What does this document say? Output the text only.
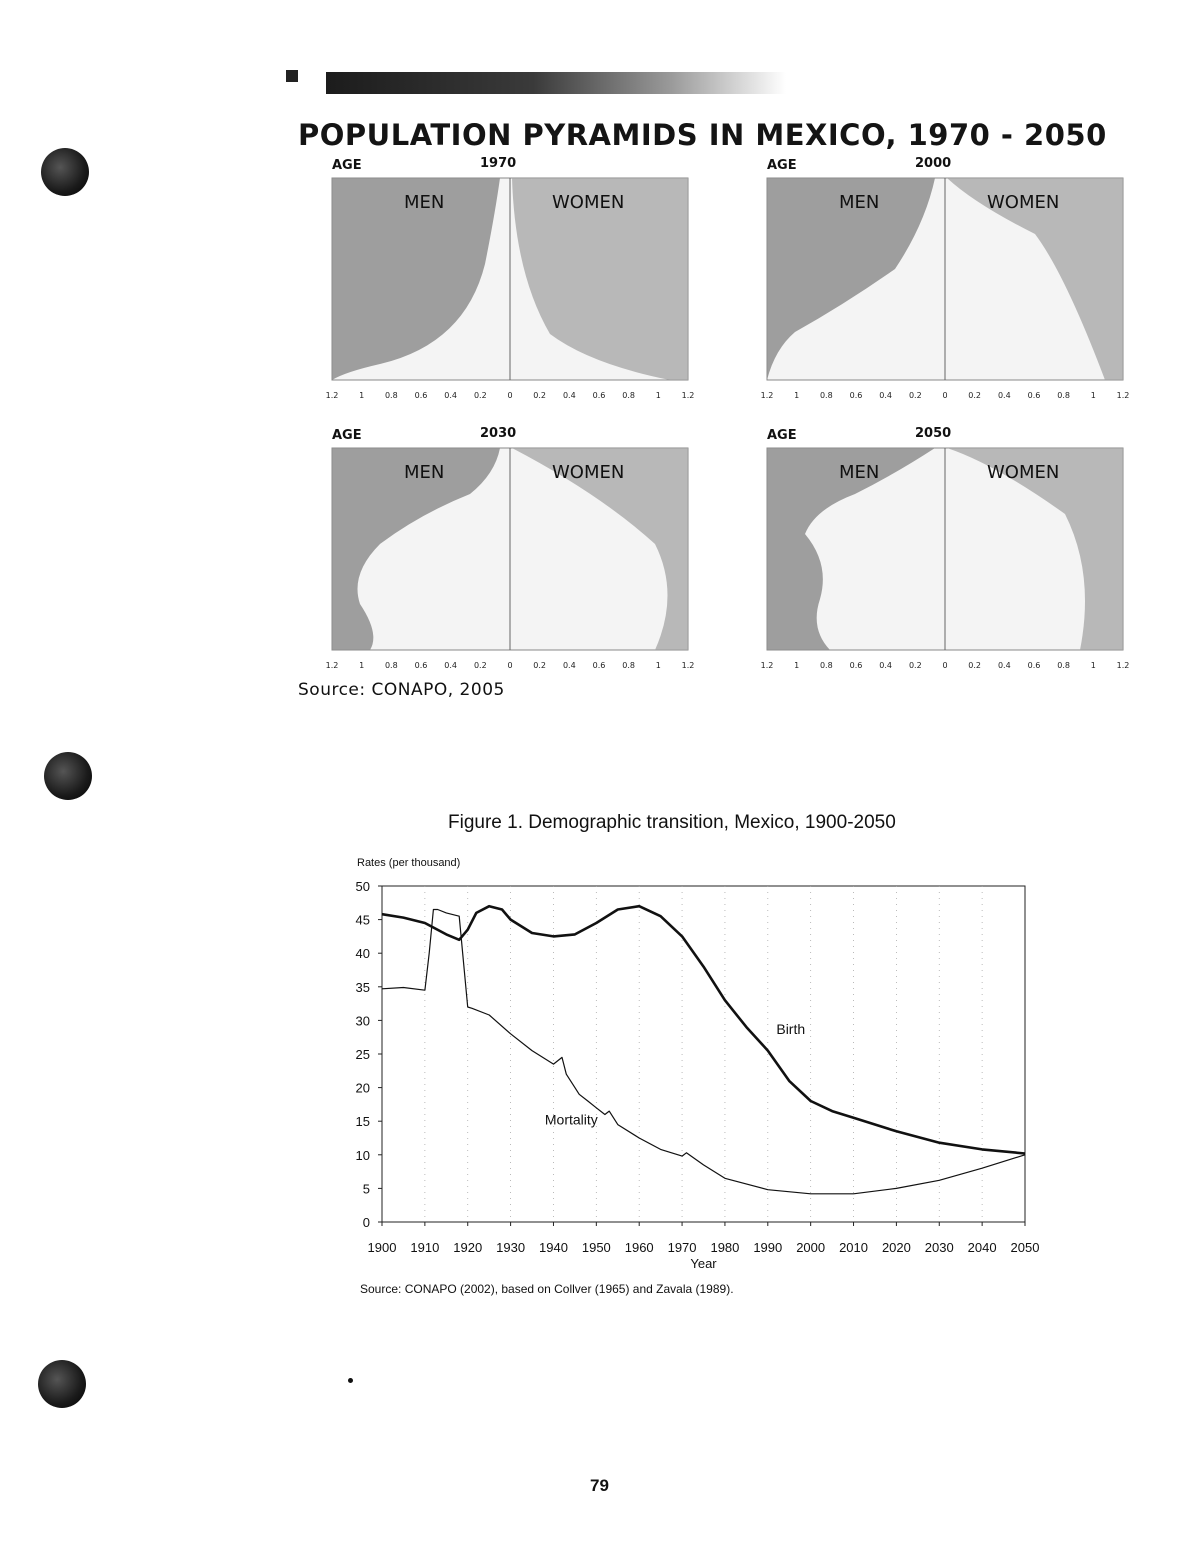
POPULATION PYRAMIDS IN MEXICO, 1970 - 2050
1.2	1	0.8 0.6 0.4 0.2	0	0.2 0.4 0.6 0.8	1	1.2
AGE	1970
MEN	WOMEN
1.2	1	0.8 0.6 0.4 0.2	0	0.2 0.4 0.6 0.8	1	1.2
AGE	2000
MEN	WOMEN
1.2	1	0.8 0.6 0.4 0.2	0	0.2 0.4 0.6 0.8	1	1.2
AGE	2030
MEN	WOMEN
1.2	1	0.8 0.6 0.4 0.2	0	0.2 0.4 0.6 0.8	1	1.2
AGE	2050
MEN	WOMEN
Source: CONAPO, 2005
Figure 1. Demographic transition, Mexico, 1900-2050
1900 1910 1920 1930 1940 1950 1960 1970 1980 1990 2000 2010 2020 2030 2040 2050
0
5
10
15
20
25
30
35
40
45
50
Rates (per thousand)
Year
Birth
Mortality
Source: CONAPO (2002), based on Collver (1965) and Zavala (1989).
79
